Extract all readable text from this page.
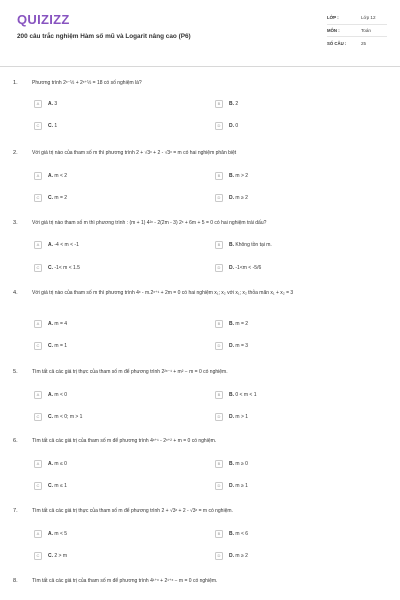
QUIZIZZ
200 câu trắc nghiệm Hàm số mũ và Logarit nâng cao (P6)
LỚP :	Lớp 12
MÔN :	Toán
SỐ CÂU :	25
1.	Phương trình 2ˣ⁻½ + 2ˣ⁺½ = 18 có số nghiệm là?
A	A. 3	B	B. 2
C	C. 1	D	D. 0
2.	Với giá trị nào của tham số m thì phương trình 2 + √3ˣ + 2 - √3ˣ = m có hai nghiệm phân biệt
A	A. m < 2	B	B. m > 2
C	C. m = 2	D	D. m ≥ 2
3.	Với giá trị nào tham số m thì phương trình : (m + 1) 4²ˣ - 2(2m - 3) 2ˣ + 6m + 5 = 0 có hai nghiệm trái dấu?
A	A. -4 < m < -1	B	B. Không tồn tại m.
C	C. -1< m < 1.5	D	D. -1<m < -5/6
4.	Với giá trị nào của tham số m thì phương trình 4ˣ - m.2ˣ⁺¹ + 2m = 0 có hai nghiệm x₁; x₂ với x₁; x₂ thỏa mãn x₁ + x₂ = 3
A	A. m = 4	B	B. m = 2
C	C. m = 1	D	D. m = 3
5.	Tìm tất cả các giá trị thực của tham số m để phương trình 2²ˣ⁻¹ + m² − m = 0 có nghiệm.
A	A. m < 0	B	B. 0 < m < 1
C	C. m < 0; m > 1	D	D. m > 1
6.	Tìm tất cả các giá trị của tham số m để phương trình 4ˣ⁺¹ - 2ˣ⁺² + m = 0 có nghiệm.
A	A. m ≤ 0	B	B. m ≥ 0
C	C. m ≤ 1	D	D. m ≥ 1
7.	Tìm tất cả các giá trị thực của tham số m để phương trình 2 + √3ˣ + 2 - √3ˣ = m có nghiệm.
A	A. m < 5	B	B. m < 6
C	C. 2 > m	D	D. m ≥ 2
8.	Tìm tất cả các giá trị của tham số m để phương trình 4¹⁺ˣ + 2¹⁺ˣ − m = 0 có nghiệm.
